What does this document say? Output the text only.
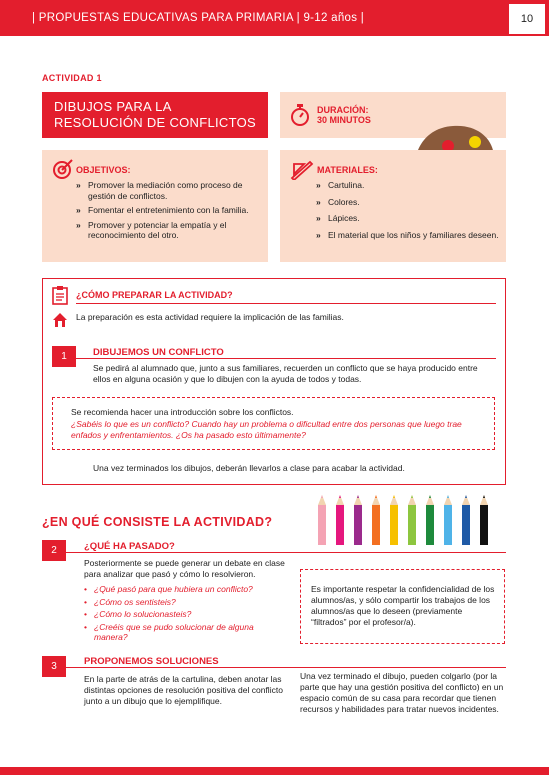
| PROPUESTAS EDUCATIVAS PARA PRIMARIA | 9-12 años |	10
ACTIVIDAD 1
DIBUJOS PARA LA RESOLUCIÓN DE CONFLICTOS
DURACIÓN:
30 MINUTOS
OBJETIVOS:
» Promover la mediación como proceso de gestión de conflictos.
» Fomentar el entretenimiento con la familia.
» Promover y potenciar la empatía y el reconocimiento del otro.
MATERIALES:
» Cartulina.
» Colores.
» Lápices.
» El material que los niños y familiares deseen.
¿CÓMO PREPARAR LA ACTIVIDAD?
La preparación es esta actividad requiere la implicación de las familias.
1	DIBUJEMOS UN CONFLICTO
Se pedirá al alumnado que, junto a sus familiares, recuerden un conflicto que se haya producido entre ellos en alguna ocasión y que lo dibujen con la ayuda de todos y todas.
Se recomienda hacer una introducción sobre los conflictos.
¿Sabéis lo que es un conflicto? Cuando hay un problema o dificultad entre dos personas que luego trae enfados y enfrentamientos. ¿Os ha pasado esto últimamente?
Una vez terminados los dibujos, deberán llevarlos a clase para acabar la actividad.
¿EN QUÉ CONSISTE LA ACTIVIDAD?
2	¿QUÉ HA PASADO?
Posteriormente se puede generar un debate en clase para analizar que pasó y cómo lo resolvieron.
• ¿Qué pasó para que hubiera un conflicto?
• ¿Cómo os sentisteis?
• ¿Cómo lo solucionasteis?
• ¿Creéis que se pudo solucionar de alguna manera?
Es importante respetar la confidencialidad de los alumnos/as, y sólo compartir los trabajos de los alumnos/as que lo deseen (previamente “filtrados” por el profesor/a).
3	PROPONEMOS SOLUCIONES
En la parte de atrás de la cartulina, deben anotar las distintas opciones de resolución positiva del conflicto junto a un dibujo que lo ejemplifique.
Una vez terminado el dibujo, pueden colgarlo (por la parte que hay una gestión positiva del conflicto) en un espacio común de su casa para recordar que tienen recursos y habilidades para tratar nuevos incidentes.
